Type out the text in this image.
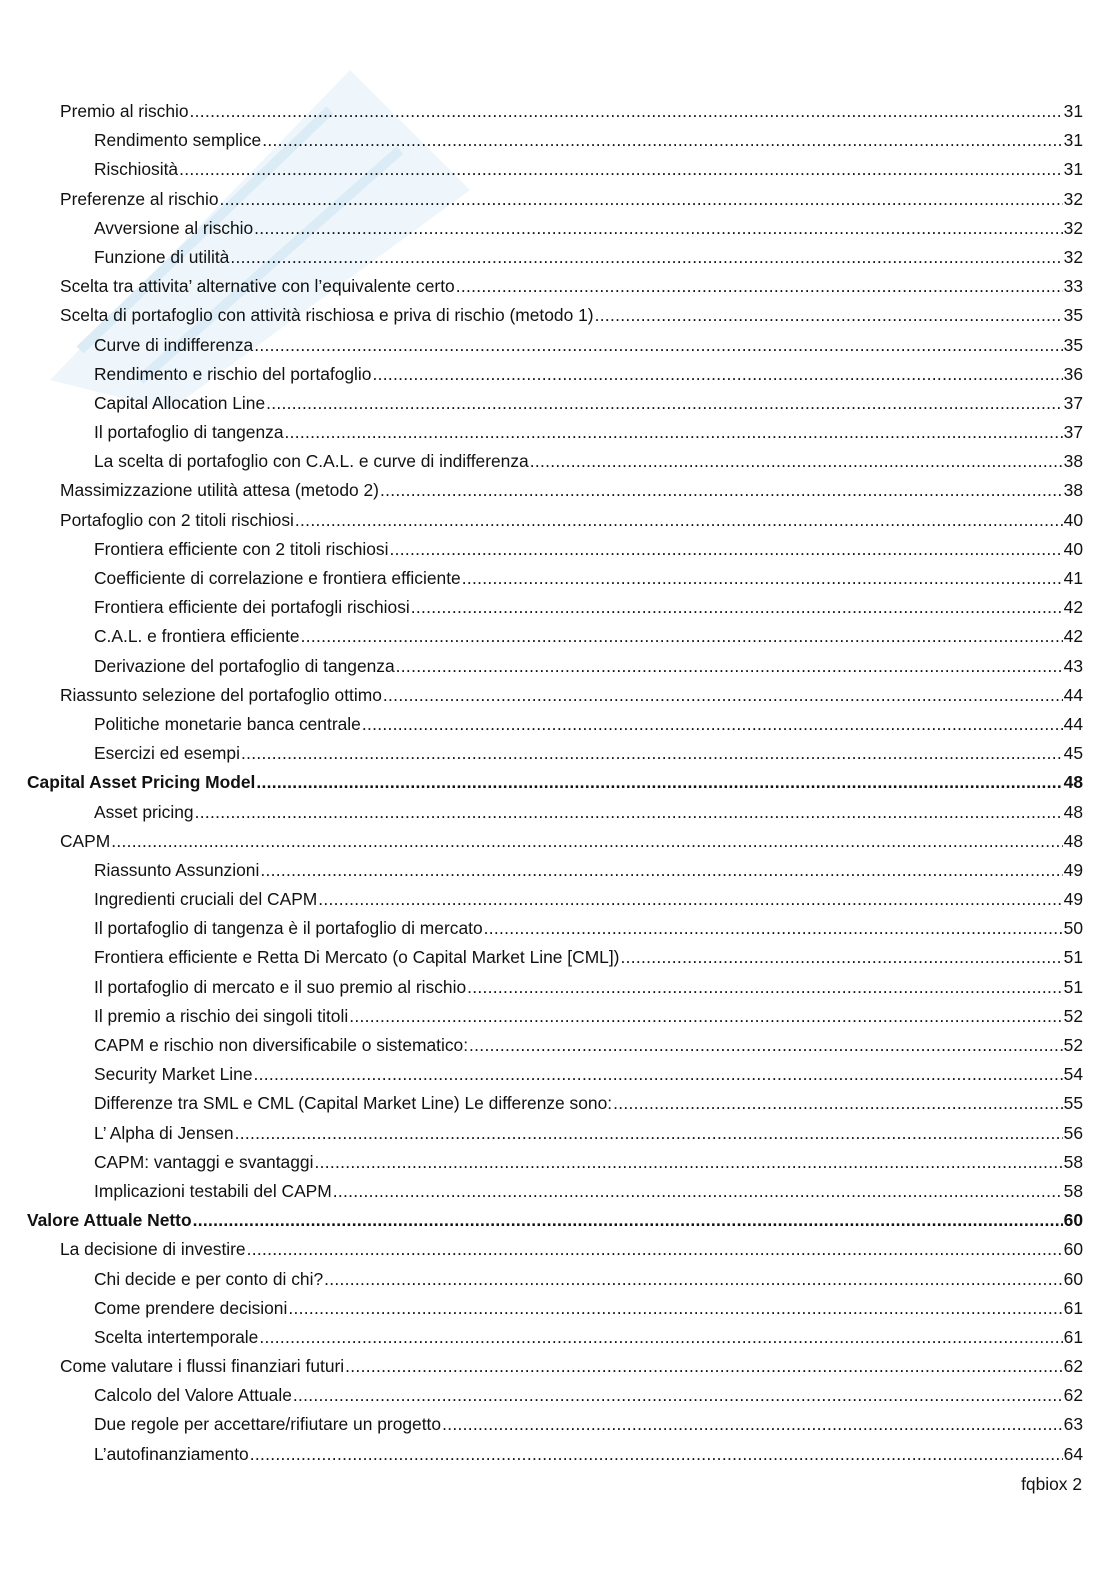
Premio al rischio .....	31
Rendimento semplice .....	31
Rischiosità .....	31
Preferenze al rischio .....	32
Avversione al rischio .....	32
Funzione di utilità .....	32
Scelta tra attivita’ alternative con l’equivalente certo .....	33
Scelta di portafoglio con attività rischiosa e priva di rischio (metodo 1) .....	35
Curve di indifferenza .....	35
Rendimento e rischio del portafoglio .....	36
Capital Allocation Line .....	37
Il portafoglio di tangenza .....	37
La scelta di portafoglio con C.A.L. e curve di indifferenza .....	38
Massimizzazione utilità attesa (metodo 2) .....	38
Portafoglio con 2 titoli rischiosi .....	40
Frontiera efficiente con 2 titoli rischiosi .....	40
Coefficiente di correlazione e frontiera efficiente .....	41
Frontiera efficiente dei portafogli rischiosi .....	42
C.A.L. e frontiera efficiente .....	42
Derivazione del portafoglio di tangenza .....	43
Riassunto selezione del portafoglio ottimo .....	44
Politiche monetarie banca centrale .....	44
Esercizi ed esempi .....	45
Capital Asset Pricing Model .....	48
Asset pricing .....	48
CAPM .....	48
Riassunto Assunzioni .....	49
Ingredienti cruciali del CAPM .....	49
Il portafoglio di tangenza è il portafoglio di mercato .....	50
Frontiera efficiente e Retta Di Mercato (o Capital Market Line [CML]) .....	51
Il portafoglio di mercato e il suo premio al rischio .....	51
Il premio a rischio dei singoli titoli .....	52
CAPM e rischio non diversificabile o sistematico: .....	52
Security Market Line .....	54
Differenze tra SML e CML (Capital Market Line) Le differenze sono: .....	55
L’ Alpha di Jensen .....	56
CAPM: vantaggi e svantaggi .....	58
Implicazioni testabili del CAPM .....	58
Valore Attuale Netto .....	60
La decisione di investire .....	60
Chi decide e per conto di chi? .....	60
Come prendere decisioni .....	61
Scelta intertemporale .....	61
Come valutare i flussi finanziari futuri .....	62
Calcolo del Valore Attuale .....	62
Due regole per accettare/rifiutare un progetto .....	63
L’autofinanziamento .....	64
fqbiox 2
